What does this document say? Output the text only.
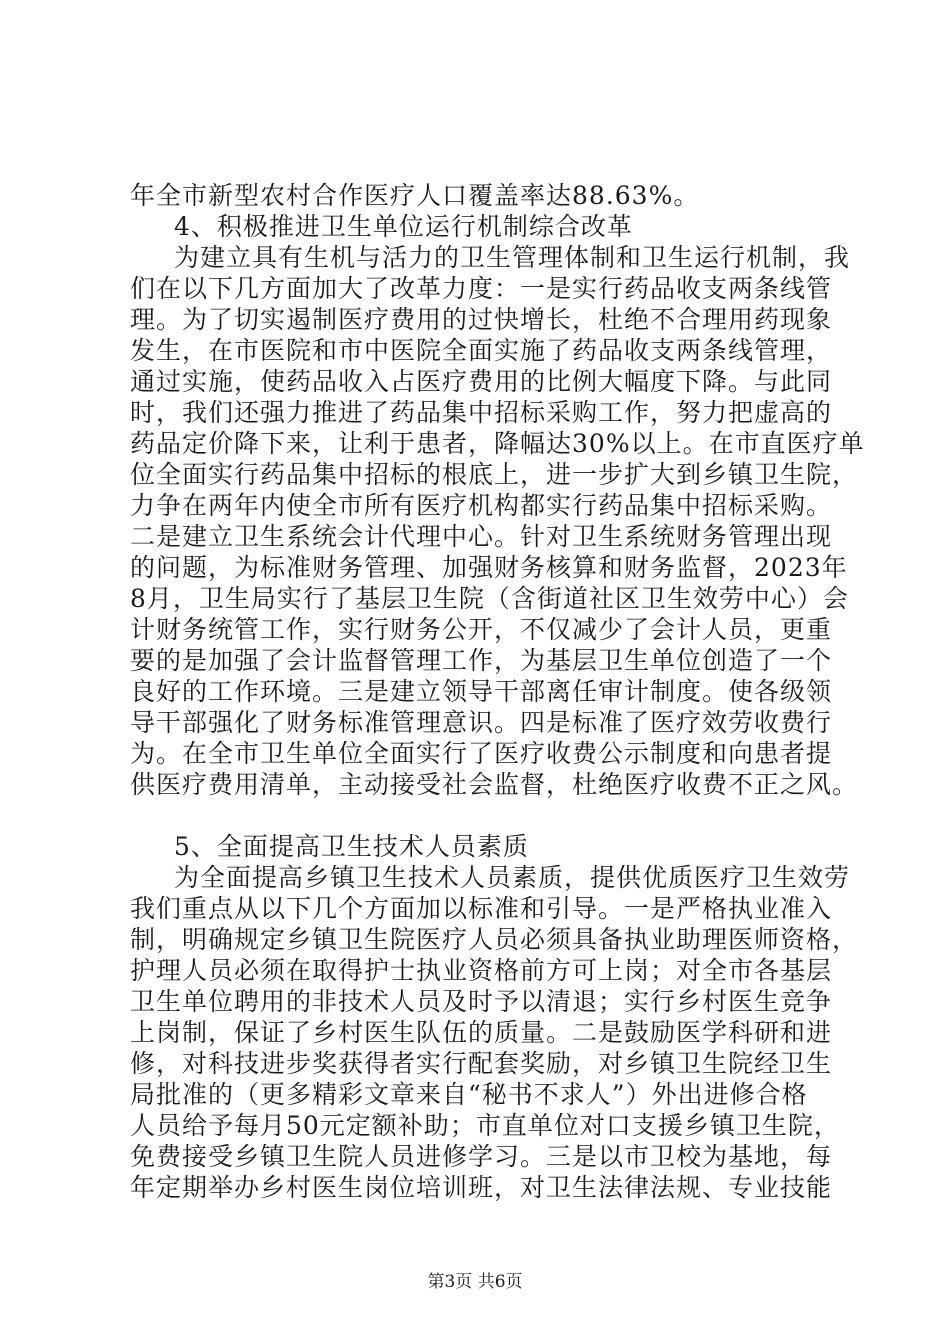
年全市新型农村合作医疗人口覆盖率达88.63%。
4、积极推进卫生单位运行机制综合改革
为建立具有生机与活力的卫生管理体制和卫生运行机制，我
们在以下几方面加大了改革力度：一是实行药品收支两条线管
理。为了切实遏制医疗费用的过快增长，杜绝不合理用药现象
发生，在市医院和市中医院全面实施了药品收支两条线管理，
通过实施，使药品收入占医疗费用的比例大幅度下降。与此同
时，我们还强力推进了药品集中招标采购工作，努力把虚高的
药品定价降下来，让利于患者，降幅达30%以上。在市直医疗单
位全面实行药品集中招标的根底上，进一步扩大到乡镇卫生院，
力争在两年内使全市所有医疗机构都实行药品集中招标采购。
二是建立卫生系统会计代理中心。针对卫生系统财务管理出现
的问题，为标准财务管理、加强财务核算和财务监督，2023年
8月，卫生局实行了基层卫生院（含街道社区卫生效劳中心）会
计财务统管工作，实行财务公开，不仅减少了会计人员，更重
要的是加强了会计监督管理工作，为基层卫生单位创造了一个
良好的工作环境。三是建立领导干部离任审计制度。使各级领
导干部强化了财务标准管理意识。四是标准了医疗效劳收费行
为。在全市卫生单位全面实行了医疗收费公示制度和向患者提
供医疗费用清单，主动接受社会监督，杜绝医疗收费不正之风。
5、全面提高卫生技术人员素质
为全面提高乡镇卫生技术人员素质，提供优质医疗卫生效劳
我们重点从以下几个方面加以标准和引导。一是严格执业准入
制，明确规定乡镇卫生院医疗人员必须具备执业助理医师资格，
护理人员必须在取得护士执业资格前方可上岗；对全市各基层
卫生单位聘用的非技术人员及时予以清退；实行乡村医生竞争
上岗制，保证了乡村医生队伍的质量。二是鼓励医学科研和进
修，对科技进步奖获得者实行配套奖励，对乡镇卫生院经卫生
局批准的（更多精彩文章来自“秘书不求人”）外出进修合格
人员给予每月50元定额补助；市直单位对口支援乡镇卫生院，
免费接受乡镇卫生院人员进修学习。三是以市卫校为基地，每
年定期举办乡村医生岗位培训班，对卫生法律法规、专业技能
第3页 共6页
